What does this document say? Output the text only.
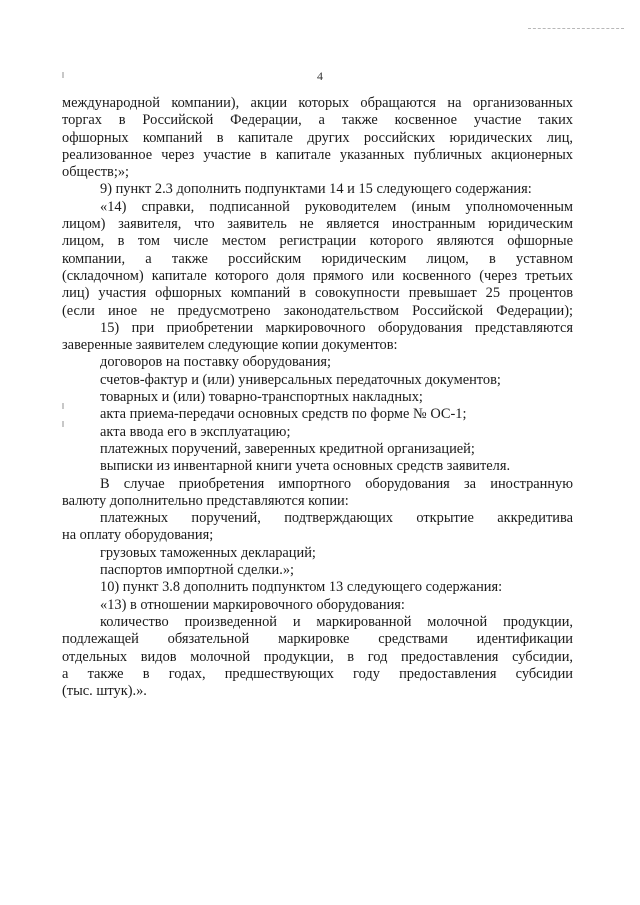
4
международной компании), акции которых обращаются на организованных
торгах в Российской Федерации, а также косвенное участие таких
офшорных компаний в капитале других российских юридических лиц,
реализованное через участие в капитале указанных публичных акционерных
обществ;»;
9) пункт 2.3 дополнить подпунктами 14 и 15 следующего содержания:
«14) справки, подписанной руководителем (иным уполномоченным
лицом) заявителя, что заявитель не является иностранным юридическим
лицом, в том числе местом регистрации которого являются офшорные
компании, а также российским юридическим лицом, в уставном
(складочном) капитале которого доля прямого или косвенного (через третьих
лиц) участия офшорных компаний в совокупности превышает 25 процентов
(если иное не предусмотрено законодательством Российской Федерации);
15) при приобретении маркировочного оборудования представляются
заверенные заявителем следующие копии документов:
договоров на поставку оборудования;
счетов-фактур и (или) универсальных передаточных документов;
товарных и (или) товарно-транспортных накладных;
акта приема-передачи основных средств по форме № ОС-1;
акта ввода его в эксплуатацию;
платежных поручений, заверенных кредитной организацией;
выписки из инвентарной книги учета основных средств заявителя.
В случае приобретения импортного оборудования за иностранную
валюту дополнительно представляются копии:
платежных поручений, подтверждающих открытие аккредитива
на оплату оборудования;
грузовых таможенных деклараций;
паспортов импортной сделки.»;
10) пункт 3.8 дополнить подпунктом 13 следующего содержания:
«13) в отношении маркировочного оборудования:
количество произведенной и маркированной молочной продукции,
подлежащей обязательной маркировке средствами идентификации
отдельных видов молочной продукции, в год предоставления субсидии,
а также в годах, предшествующих году предоставления субсидии
(тыс. штук).».
